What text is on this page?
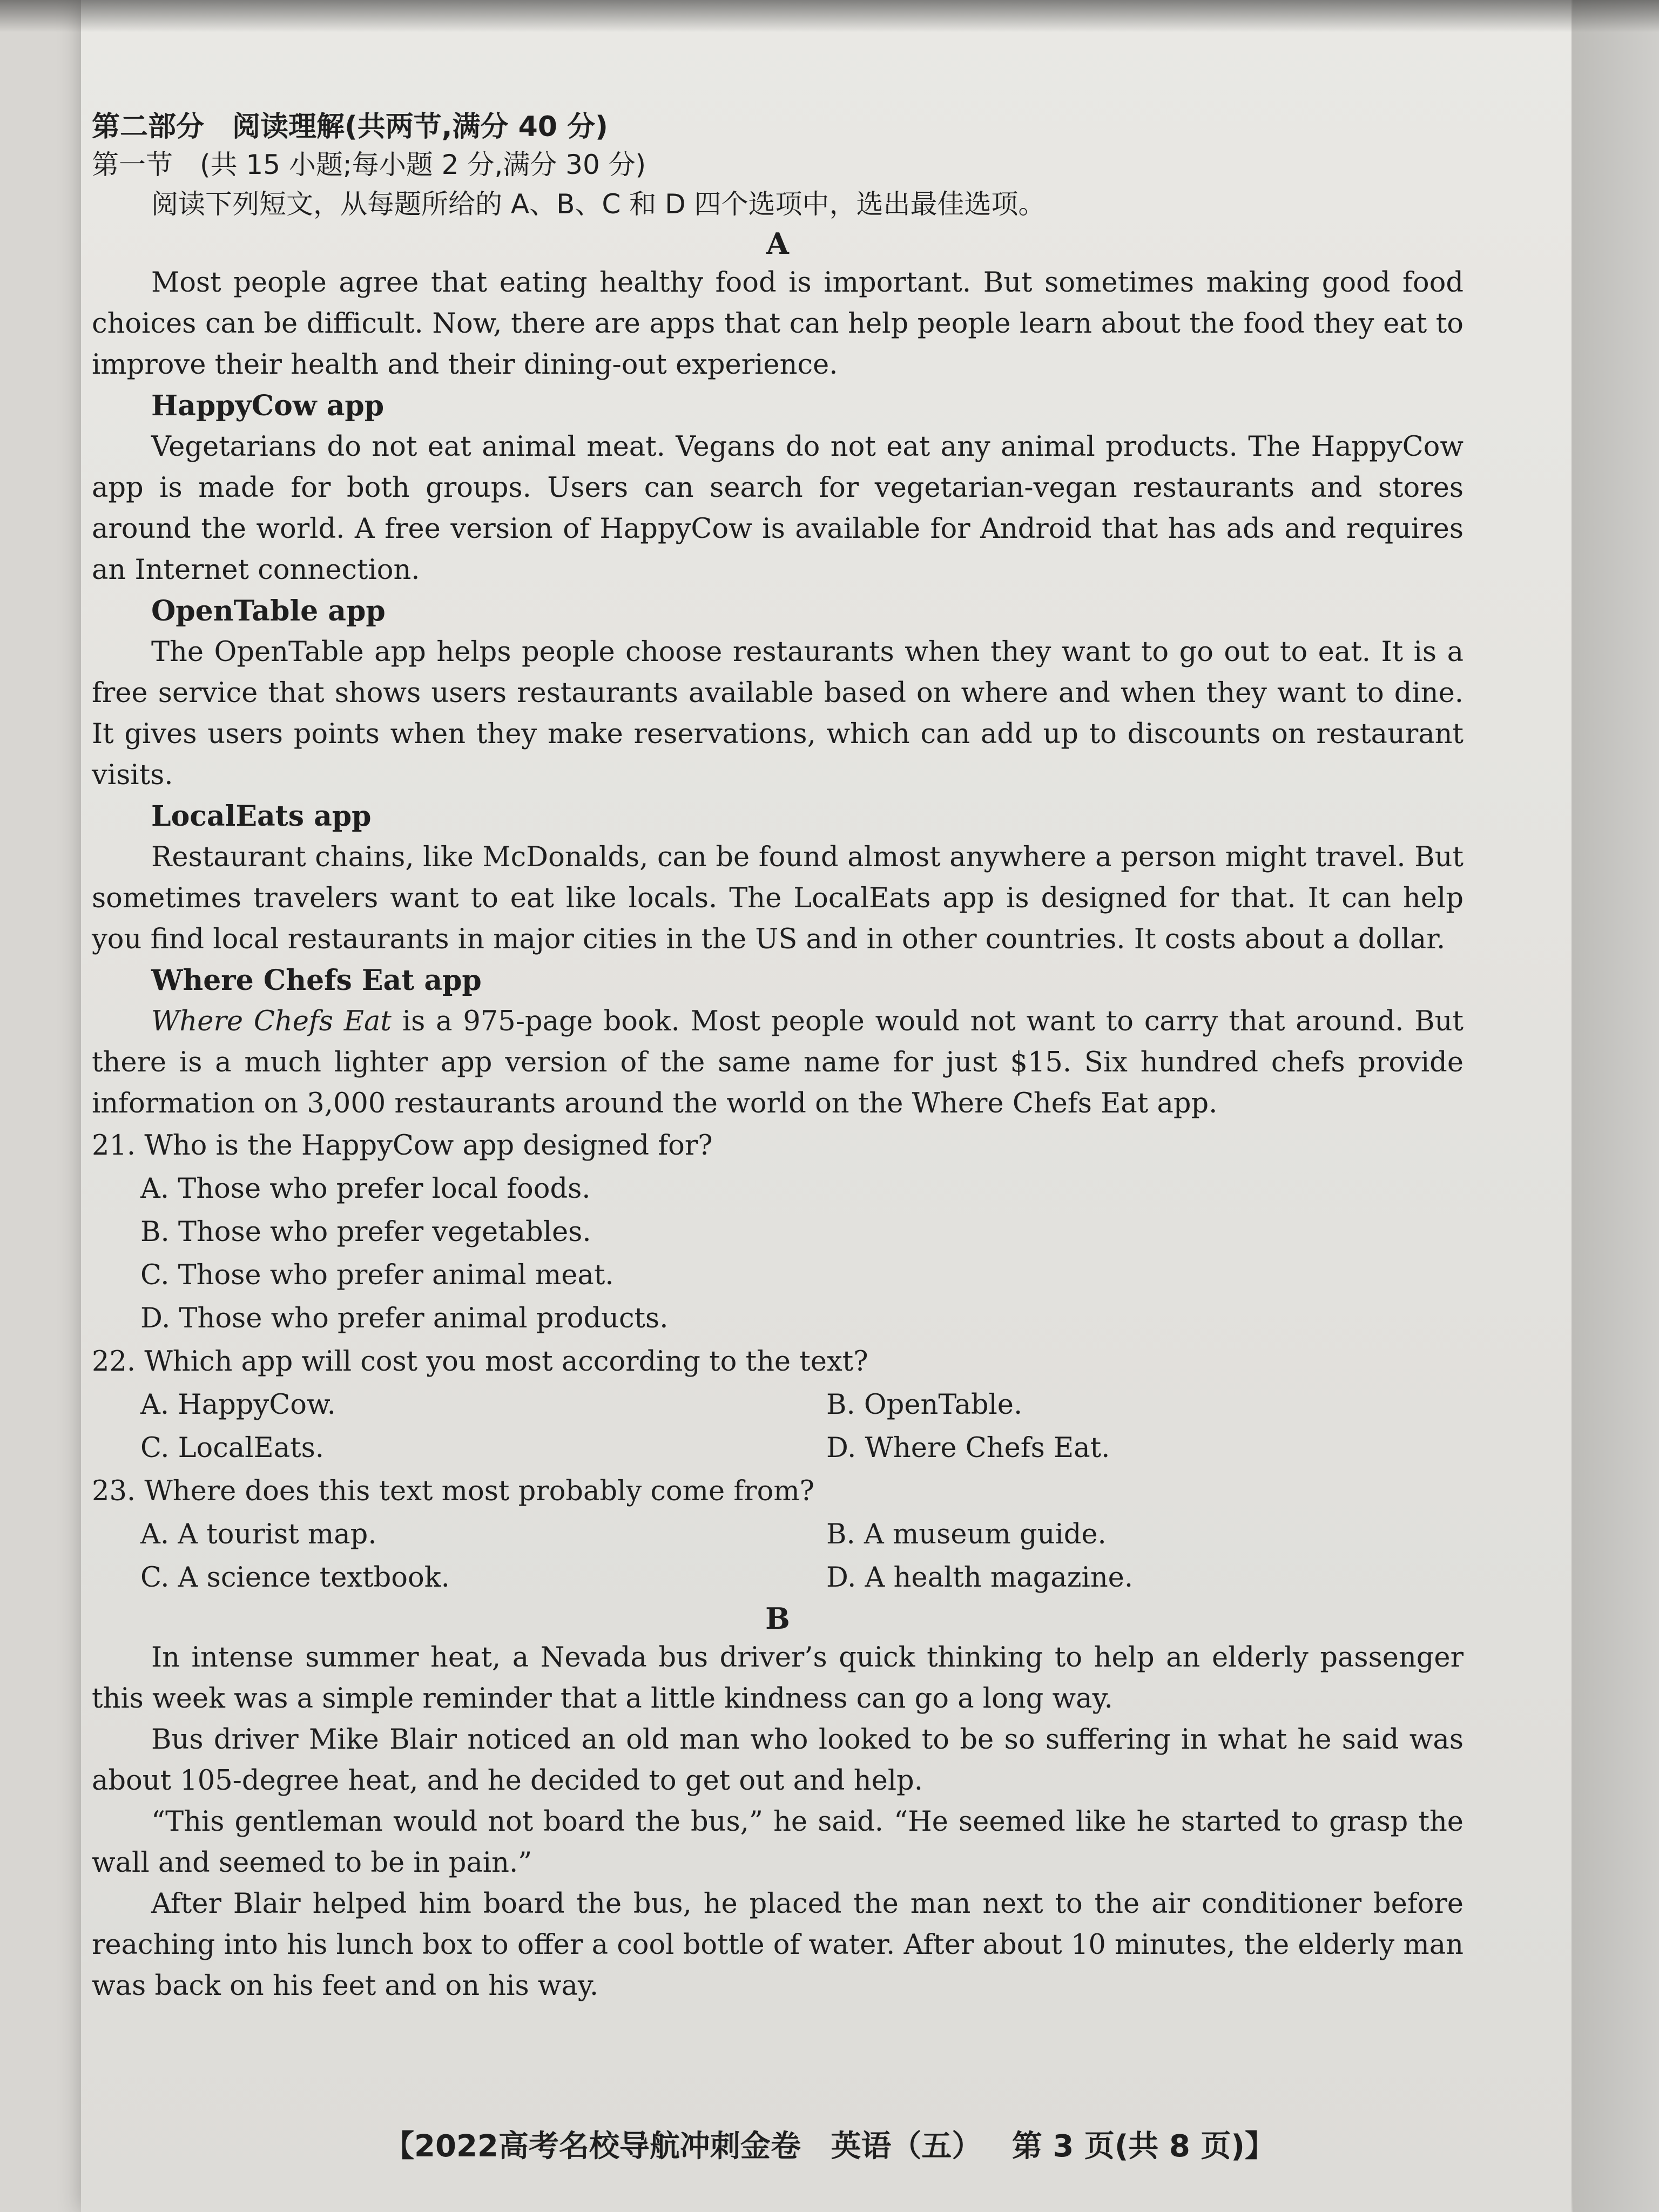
第二部分　阅读理解(共两节,满分 40 分)
第一节　(共 15 小题;每小题 2 分,满分 30 分)
阅读下列短文，从每题所给的 A、B、C 和 D 四个选项中，选出最佳选项。
A

Most people agree that eating healthy food is important. But sometimes making good food choices can be difficult. Now, there are apps that can help people learn about the food they eat to improve their health and their dining-out experience.

HappyCow app

Vegetarians do not eat animal meat. Vegans do not eat any animal products. The HappyCow app is made for both groups. Users can search for vegetarian-vegan restaurants and stores around the world. A free version of HappyCow is available for Android that has ads and requires an Internet connection.

OpenTable app

The OpenTable app helps people choose restaurants when they want to go out to eat. It is a free service that shows users restaurants available based on where and when they want to dine. It gives users points when they make reservations, which can add up to discounts on restaurant visits.

LocalEats app

Restaurant chains, like McDonalds, can be found almost anywhere a person might travel. But sometimes travelers want to eat like locals. The LocalEats app is designed for that. It can help you find local restaurants in major cities in the US and in other countries. It costs about a dollar.

Where Chefs Eat app

Where Chefs Eat is a 975-page book. Most people would not want to carry that around. But there is a much lighter app version of the same name for just $15. Six hundred chefs provide information on 3,000 restaurants around the world on the Where Chefs Eat app.

21. Who is the HappyCow app designed for?
A. Those who prefer local foods.
B. Those who prefer vegetables.
C. Those who prefer animal meat.
D. Those who prefer animal products.
22. Which app will cost you most according to the text?
A. HappyCow.	B. OpenTable.
C. LocalEats.	D. Where Chefs Eat.
23. Where does this text most probably come from?
A. A tourist map.	B. A museum guide.
C. A science textbook.	D. A health magazine.
B

In intense summer heat, a Nevada bus driver’s quick thinking to help an elderly passenger this week was a simple reminder that a little kindness can go a long way.

Bus driver Mike Blair noticed an old man who looked to be so suffering in what he said was about 105-degree heat, and he decided to get out and help.

“This gentleman would not board the bus,” he said. “He seemed like he started to grasp the wall and seemed to be in pain.”

After Blair helped him board the bus, he placed the man next to the air conditioner before reaching into his lunch box to offer a cool bottle of water. After about 10 minutes, the elderly man was back on his feet and on his way.

【2022高考名校导航冲刺金卷 英语（五） 第 3 页(共 8 页)】
